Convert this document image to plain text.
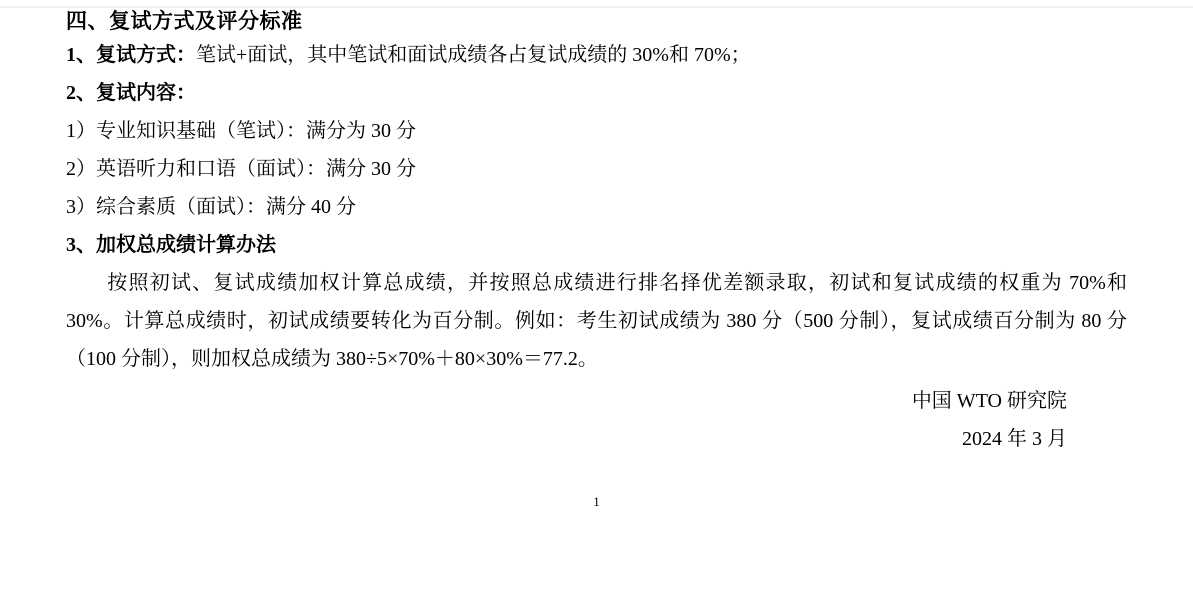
四、复试方式及评分标准

1、复试方式：笔试+面试，其中笔试和面试成绩各占复试成绩的 30%和 70%；

2、复试内容：

1）专业知识基础（笔试）：满分为 30 分

2）英语听力和口语（面试）：满分 30 分

3）综合素质（面试）：满分 40 分

3、加权总成绩计算办法

按照初试、复试成绩加权计算总成绩，并按照总成绩进行排名择优差额录取，初试和复试成绩的权重为 70%和 30%。计算总成绩时，初试成绩要转化为百分制。例如：考生初试成绩为 380 分（500 分制），复试成绩百分制为 80 分（100 分制），则加权总成绩为 380÷5×70%＋80×30%＝77.2。

中国 WTO 研究院

2024 年 3 月

1
